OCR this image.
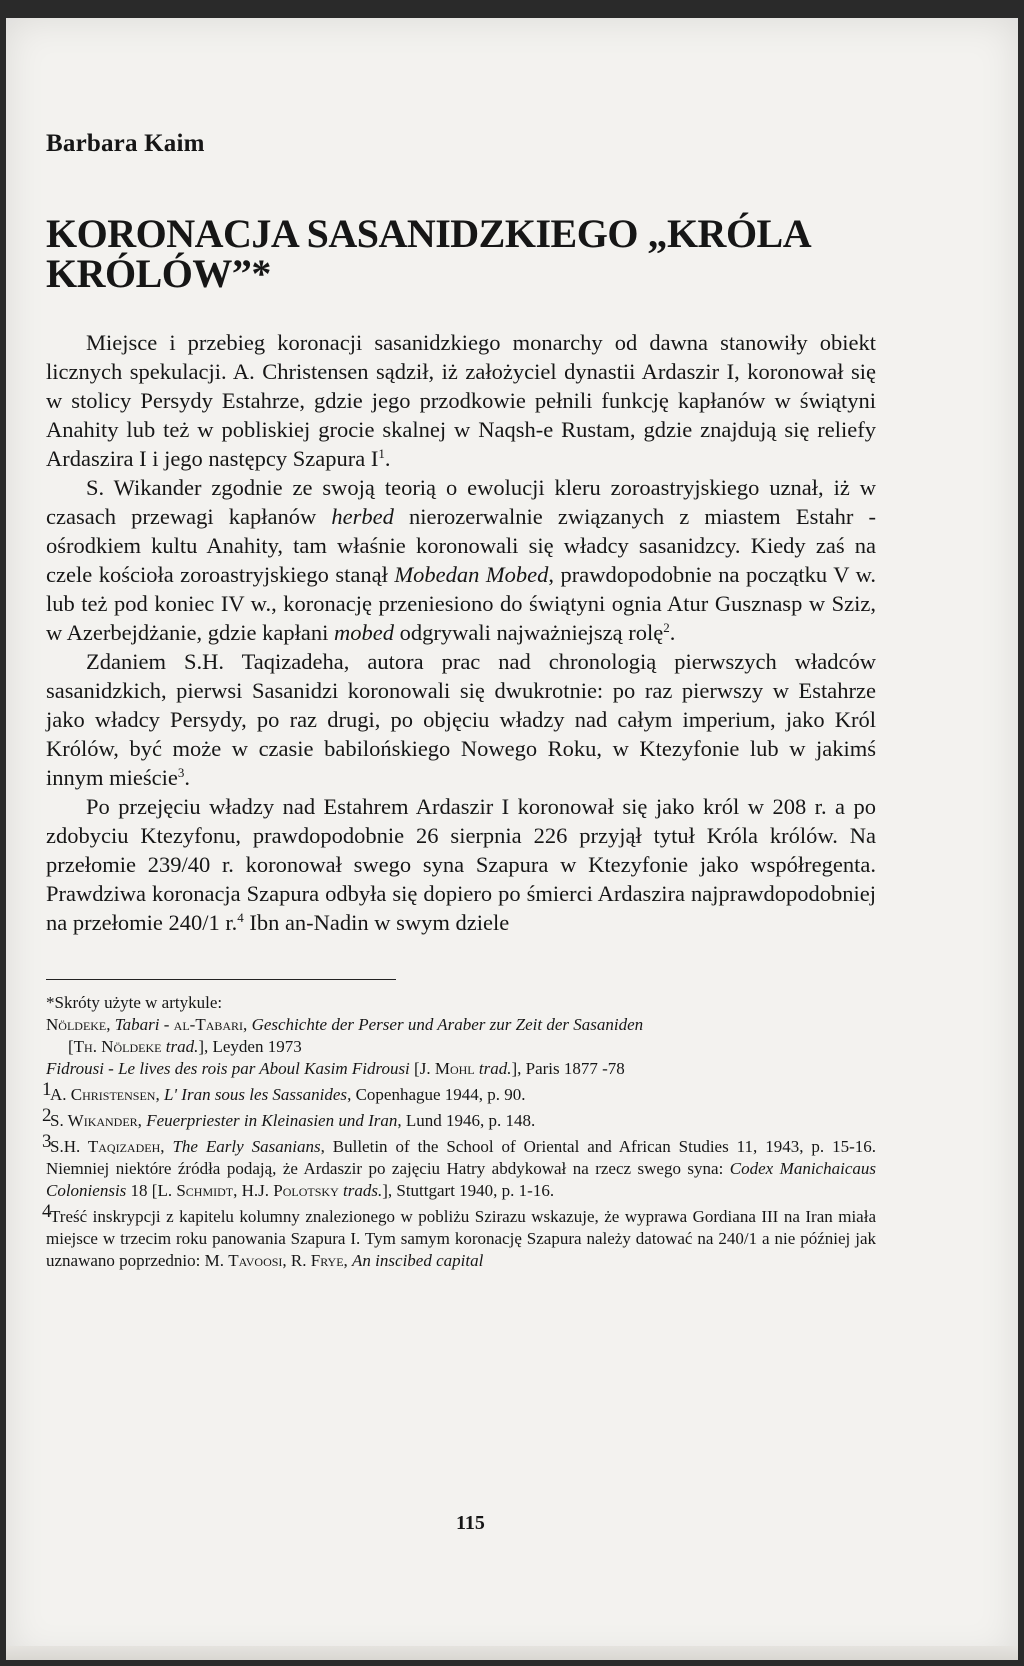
Barbara Kaim
KORONACJA SASANIDZKIEGO „KRÓLA
KRÓLÓW”*

Miejsce i przebieg koronacji sasanidzkiego monarchy od dawna stanowiły obiekt licznych spekulacji. A. Christensen sądził, iż założyciel dynastii Ardaszir I, koronował się w stolicy Persydy Estahrze, gdzie jego przodkowie pełnili funkcję kapłanów w świątyni Anahity lub też w pobliskiej grocie skalnej w Naqsh-e Rustam, gdzie znajdują się reliefy Ardaszira I i jego następcy Szapura $I^1$.

S. Wikander zgodnie ze swoją teorią o ewolucji kleru zoroastryjskiego uznał, iż w czasach przewagi kapłanów herbed nierozerwalnie związanych z miastem Estahr - ośrodkiem kultu Anahity, tam właśnie koronowali się władcy sasanidzcy. Kiedy zaś na czele kościoła zoroastryjskiego stanął Mobedan Mobed, prawdopodobnie na początku V w. lub też pod koniec IV w., koronację przeniesiono do świątyni ognia Atur Gusznasp w Sziz, w Azerbejdżanie, gdzie kapłani mobed odgrywali najważniejszą rolę$^2$.

Zdaniem S.H. Taqizadeha, autora prac nad chronologią pierwszych władców sasanidzkich, pierwsi Sasanidzi koronowali się dwukrotnie: po raz pierwszy w Estahrze jako władcy Persydy, po raz drugi, po objęciu władzy nad całym imperium, jako Król Królów, być może w czasie babilońskiego Nowego Roku, w Ktezyfonie lub w jakimś innym mieście$^3$.

Po przejęciu władzy nad Estahrem Ardaszir I koronował się jako król w 208 r. a po zdobyciu Ktezyfonu, prawdopodobnie 26 sierpnia 226 przyjął tytuł Króla królów. Na przełomie 239/40 r. koronował swego syna Szapura w Ktezyfonie jako współregenta. Prawdziwa koronacja Szapura odbyła się dopiero po śmierci Ardaszira najprawdopodobniej na przełomie 240/1 r.$^4$ Ibn an-Nadin w swym dziele

*Skróty użyte w artykule:
Nöldeke, Tabari - al-Tabari, Geschichte der Perser und Araber zur Zeit der Sasaniden
[Th. Nöldeke trad.], Leyden 1973
Fidrousi - Le lives des rois par Aboul Kasim Fidrousi [J. Mohl trad.], Paris 1877 -78
1A. Christensen, L' Iran sous les Sassanides, Copenhague 1944, p. 90.
2S. Wikander, Feuerpriester in Kleinasien und Iran, Lund 1946, p. 148.
3S.H. Taqizadeh, The Early Sasanians, Bulletin of the School of Oriental and African Studies 11, 1943, p. 15-16. Niemniej niektóre źródła podają, że Ardaszir po zajęciu Hatry abdykował na rzecz swego syna: Codex Manichaicaus Coloniensis 18 [L. Schmidt, H.J. Polotsky trads.], Stuttgart 1940, p. 1-16.
4Treść inskrypcji z kapitelu kolumny znalezionego w pobliżu Szirazu wskazuje, że wyprawa Gordiana III na Iran miała miejsce w trzecim roku panowania Szapura I. Tym samym koronację Szapura należy datować na 240/1 a nie później jak uznawano poprzednio: M. Tavoosi, R. Frye, An inscibed capital
115
